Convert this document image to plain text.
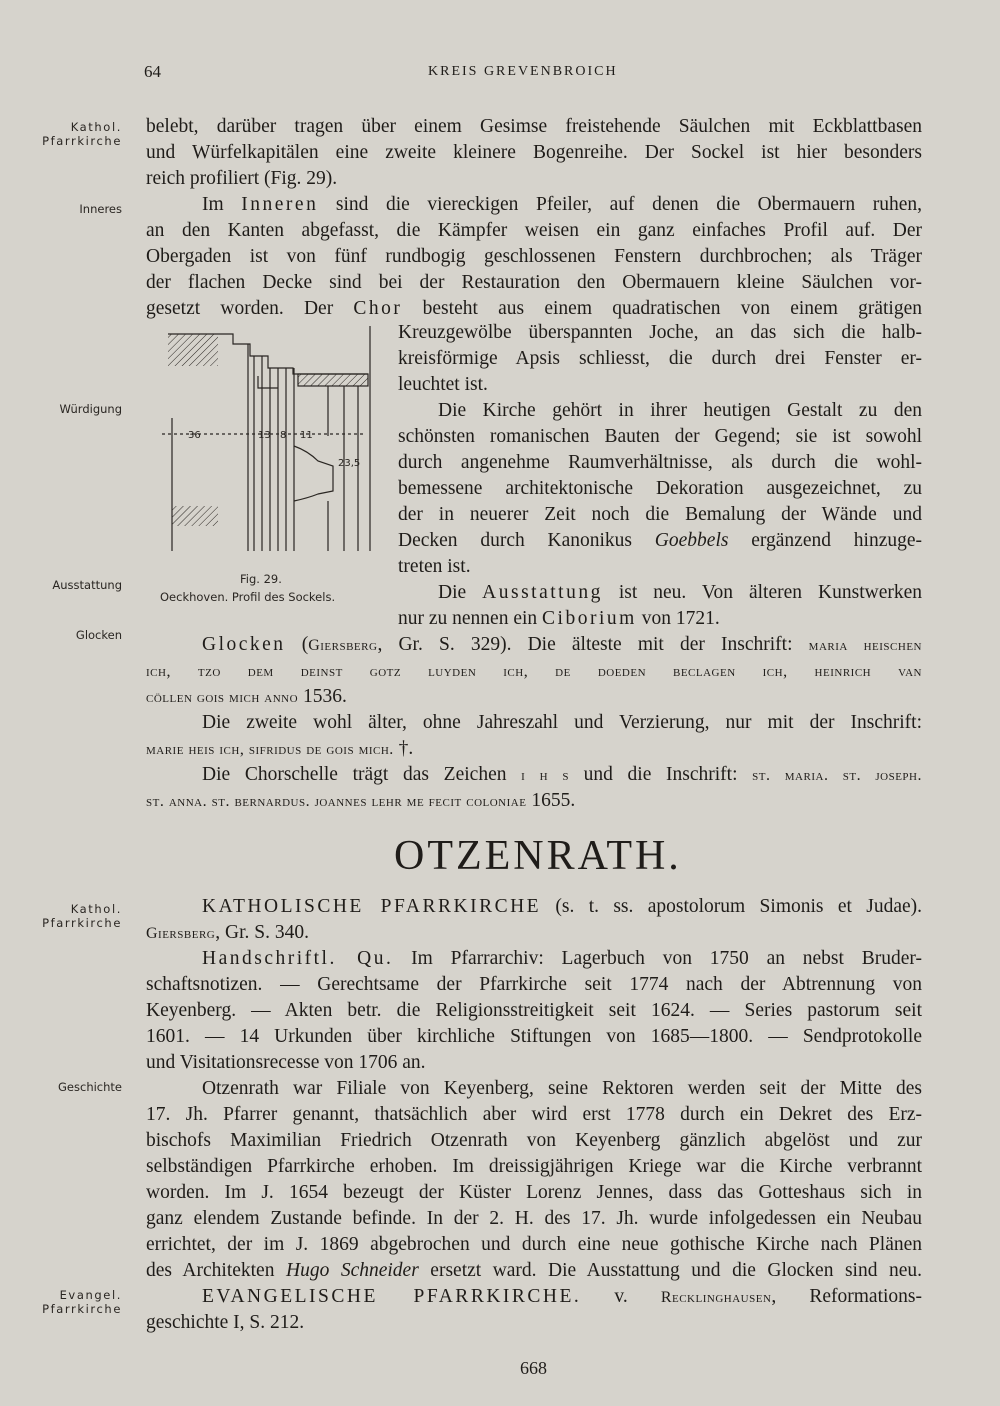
64	KREIS GREVENBROICH
Kathol.
Pfarrkirche
Inneres
Würdigung
Ausstattung
Glocken
Kathol.
Pfarrkirche
Geschichte
Evangel.
Pfarrkirche
belebt, darüber tragen über einem Gesimse freistehende Säulchen mit Eckblattbasen
und Würfelkapitälen eine zweite kleinere Bogenreihe. Der Sockel ist hier besonders
reich profiliert (Fig. 29).
Im Inneren sind die viereckigen Pfeiler, auf denen die Obermauern ruhen,
an den Kanten abgefasst, die Kämpfer weisen ein ganz einfaches Profil auf. Der
Obergaden ist von fünf rundbogig geschlossenen Fenstern durchbrochen; als Träger
der flachen Decke sind bei der Restauration den Obermauern kleine Säulchen vor-
gesetzt worden. Der Chor besteht aus einem quadratischen von einem grätigen
36	13 8 11
23,5
Fig. 29.
Oeckhoven. Profil des Sockels.
Kreuzgewölbe überspannten Joche, an das sich die halb-
kreisförmige Apsis schliesst, die durch drei Fenster er-
leuchtet ist.
Die Kirche gehört in ihrer heutigen Gestalt zu den
schönsten romanischen Bauten der Gegend; sie ist sowohl
durch angenehme Raumverhältnisse, als durch die wohl-
bemessene architektonische Dekoration ausgezeichnet, zu
der in neuerer Zeit noch die Bemalung der Wände und
Decken durch Kanonikus Goebbels ergänzend hinzuge-
treten ist.
Die Ausstattung ist neu. Von älteren Kunstwerken
nur zu nennen ein Ciborium von 1721.
Glocken (Giersberg, Gr. S. 329). Die älteste mit der Inschrift: maria heischen
ich, tzo dem deinst gotz luyden ich, de doeden beclagen ich, heinrich van
cöllen gois mich anno 1536.
Die zweite wohl älter, ohne Jahreszahl und Verzierung, nur mit der Inschrift:
marie heis ich, sifridus de gois mich. †.
Die Chorschelle trägt das Zeichen i h s und die Inschrift: st. maria. st. joseph.
st. anna. st. bernardus. joannes lehr me fecit coloniae 1655.
OTZENRATH.
KATHOLISCHE PFARRKIRCHE (s. t. ss. apostolorum Simonis et Judae).
Giersberg, Gr. S. 340.
Handschriftl. Qu. Im Pfarrarchiv: Lagerbuch von 1750 an nebst Bruder-
schaftsnotizen. — Gerechtsame der Pfarrkirche seit 1774 nach der Abtrennung von
Keyenberg. — Akten betr. die Religionsstreitigkeit seit 1624. — Series pastorum seit
1601. — 14 Urkunden über kirchliche Stiftungen von 1685—1800. — Sendprotokolle
und Visitationsrecesse von 1706 an.
Otzenrath war Filiale von Keyenberg, seine Rektoren werden seit der Mitte des
17. Jh. Pfarrer genannt, thatsächlich aber wird erst 1778 durch ein Dekret des Erz-
bischofs Maximilian Friedrich Otzenrath von Keyenberg gänzlich abgelöst und zur
selbständigen Pfarrkirche erhoben. Im dreissigjährigen Kriege war die Kirche verbrannt
worden. Im J. 1654 bezeugt der Küster Lorenz Jennes, dass das Gotteshaus sich in
ganz elendem Zustande befinde. In der 2. H. des 17. Jh. wurde infolgedessen ein Neubau
errichtet, der im J. 1869 abgebrochen und durch eine neue gothische Kirche nach Plänen
des Architekten Hugo Schneider ersetzt ward. Die Ausstattung und die Glocken sind neu.
EVANGELISCHE PFARRKIRCHE. v. Recklinghausen, Reformations-
geschichte I, S. 212.
668
